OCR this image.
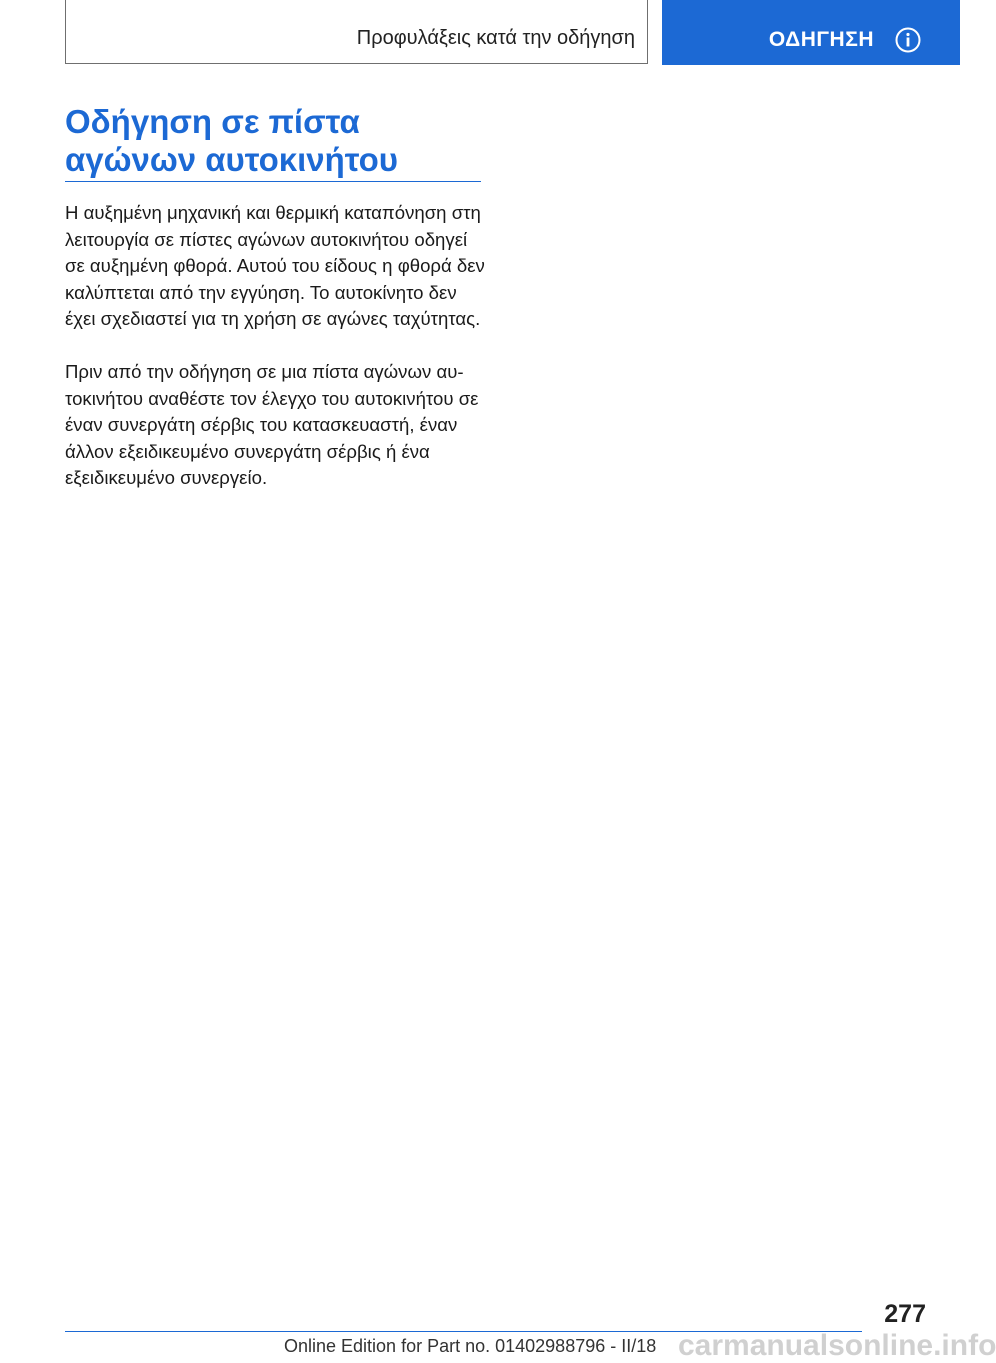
Προφυλάξεις κατά την οδήγηση	ΟΔΗΓΗΣΗ
Οδήγηση σε πίστα αγώνων αυτοκινήτου

Η αυξημένη μηχανική και θερμική καταπόνηση στη λειτουργία σε πίστες αγώνων αυτοκινήτου οδηγεί σε αυξημένη φθορά. Αυτού του είδους η φθορά δεν καλύπτεται από την εγγύηση. Το αυτοκίνητο δεν έχει σχεδιαστεί για τη χρήση σε αγώνες ταχύτητας.

Πριν από την οδήγηση σε μια πίστα αγώνων αυτοκινήτου αναθέστε τον έλεγχο του αυτοκινήτου σε έναν συνεργάτη σέρβις του κατασκευαστή, έναν άλλον εξειδικευμένο συνεργάτη σέρβις ή ένα εξειδικευμένο συνεργείο.

277
Online Edition for Part no. 01402988796 - II/18 carmanualsonline.info
